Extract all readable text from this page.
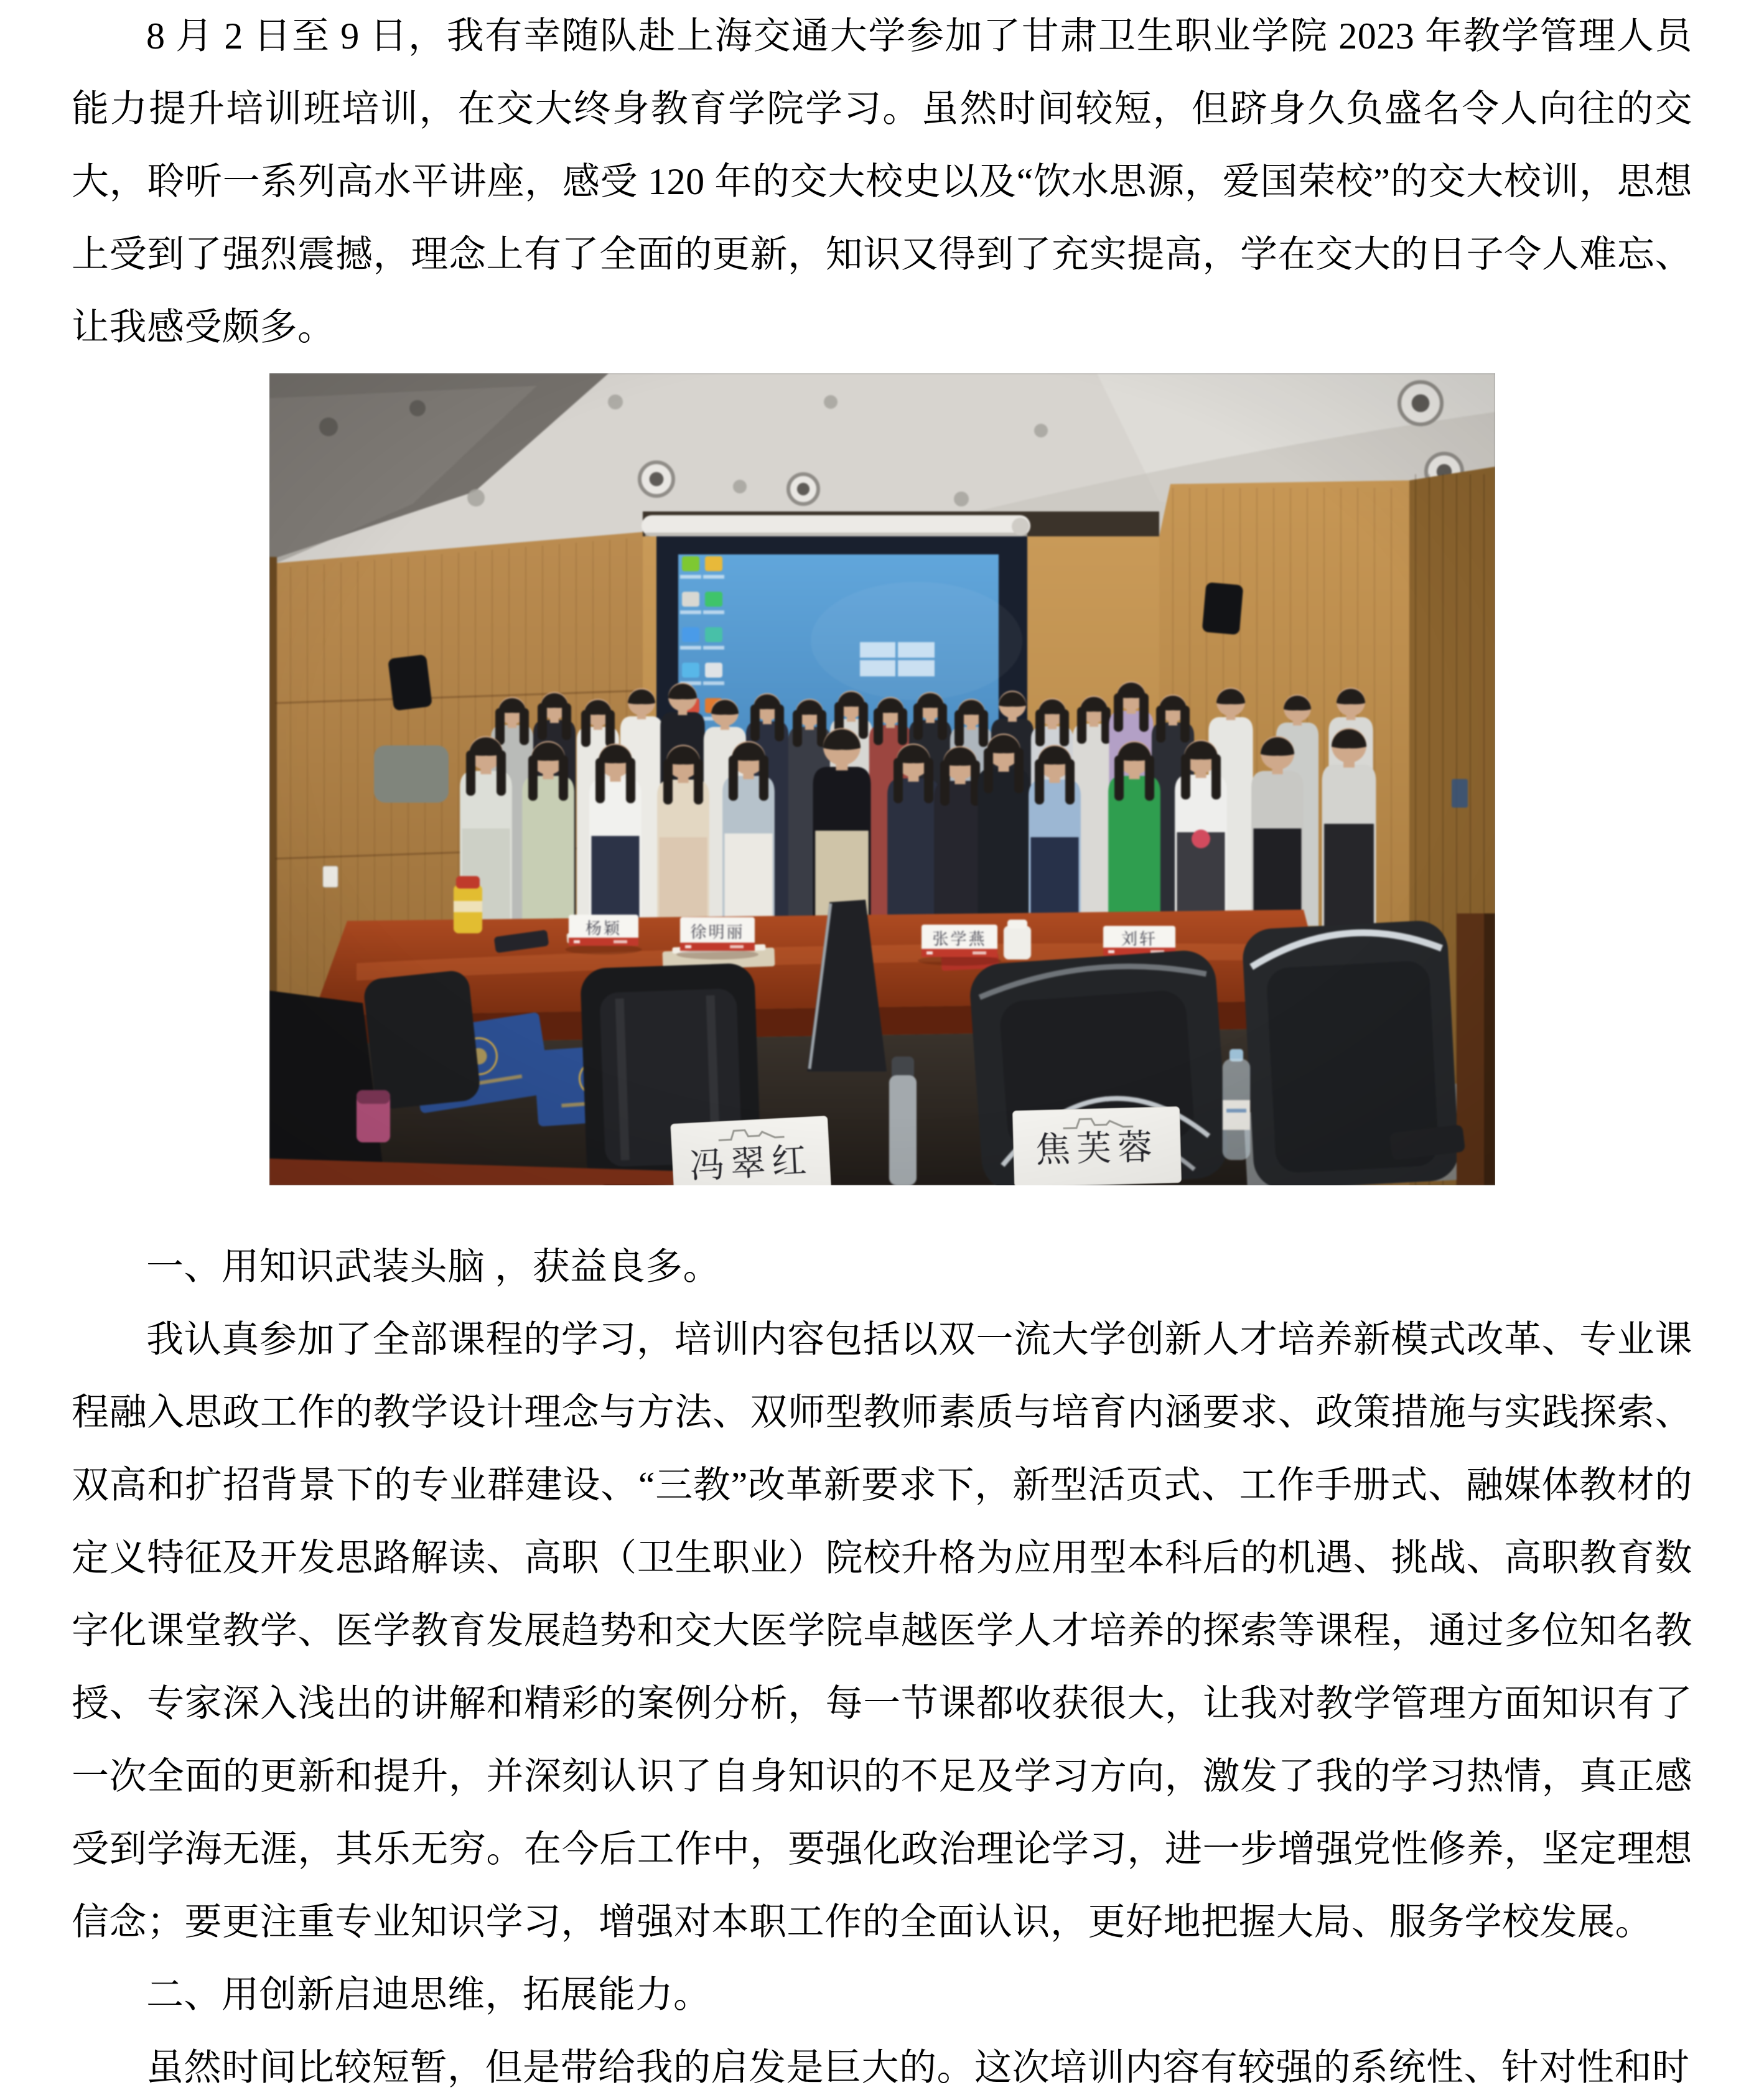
8 月 2 日至 9 日，我有幸随队赴上海交通大学参加了甘肃卫生职业学院 2023 年教学管理人员能力提升培训班培训，在交大终身教育学院学习。虽然时间较短，但跻身久负盛名令人向往的交大，聆听一系列高水平讲座，感受 120 年的交大校史以及“饮水思源，爱国荣校”的交大校训，思想上受到了强烈震撼，理念上有了全面的更新，知识又得到了充实提高，学在交大的日子令人难忘、让我感受颇多。

一、用知识武装头脑 ，获益良多。

我认真参加了全部课程的学习，培训内容包括以双一流大学创新人才培养新模式改革、专业课程融入思政工作的教学设计理念与方法、双师型教师素质与培育内涵要求、政策措施与实践探索、双高和扩招背景下的专业群建设、“三教”改革新要求下，新型活页式、工作手册式、融媒体教材的定义特征及开发思路解读、高职（卫生职业）院校升格为应用型本科后的机遇、挑战、高职教育数字化课堂教学、医学教育发展趋势和交大医学院卓越医学人才培养的探索等课程，通过多位知名教授、专家深入浅出的讲解和精彩的案例分析，每一节课都收获很大，让我对教学管理方面知识有了一次全面的更新和提升，并深刻认识了自身知识的不足及学习方向，激发了我的学习热情，真正感受到学海无涯，其乐无穷。在今后工作中，要强化政治理论学习，进一步增强党性修养，坚定理想信念；要更注重专业知识学习，增强对本职工作的全面认识，更好地把握大局、服务学校发展。

二、用创新启迪思维，拓展能力。

虽然时间比较短暂，但是带给我的启发是巨大的。这次培训内容有较强的系统性、针对性和时
